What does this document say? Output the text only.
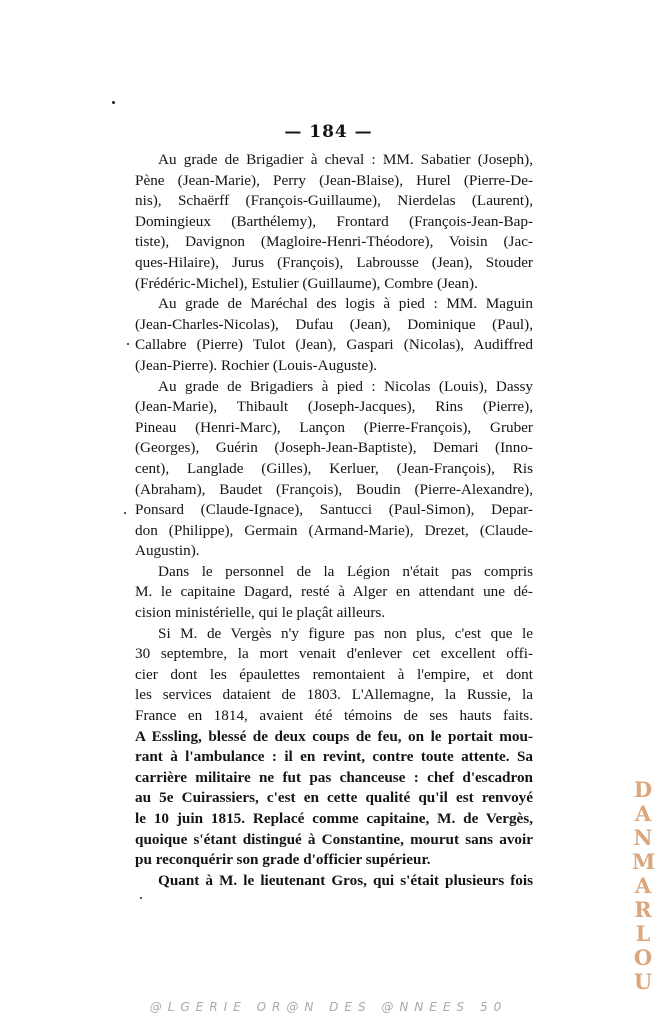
— 184 —
Au grade de Brigadier à cheval : MM. Sabatier (Joseph),
Pène (Jean-Marie), Perry (Jean-Blaise), Hurel (Pierre-De-
nis), Schaërff (François-Guillaume), Nierdelas (Laurent),
Domingieux (Barthélemy), Frontard (François-Jean-Bap-
tiste), Davignon (Magloire-Henri-Théodore), Voisin (Jac-
ques-Hilaire), Jurus (François), Labrousse (Jean), Stouder
(Frédéric-Michel), Estulier (Guillaume), Combre (Jean).
Au grade de Maréchal des logis à pied : MM. Maguin
(Jean-Charles-Nicolas), Dufau (Jean), Dominique (Paul),
Callabre (Pierre) Tulot (Jean), Gaspari (Nicolas), Audiffred
(Jean-Pierre). Rochier (Louis-Auguste).
Au grade de Brigadiers à pied : Nicolas (Louis), Dassy
(Jean-Marie), Thibault (Joseph-Jacques), Rins (Pierre),
Pineau (Henri-Marc), Lançon (Pierre-François), Gruber
(Georges), Guérin (Joseph-Jean-Baptiste), Demari (Inno-
cent), Langlade (Gilles), Kerluer, (Jean-François), Ris
(Abraham), Baudet (François), Boudin (Pierre-Alexandre),
Ponsard (Claude-Ignace), Santucci (Paul-Simon), Depar-
don (Philippe), Germain (Armand-Marie), Drezet, (Claude-
Augustin).
Dans le personnel de la Légion n'était pas compris
M. le capitaine Dagard, resté à Alger en attendant une dé-
cision ministérielle, qui le plaçât ailleurs.
Si M. de Vergès n'y figure pas non plus, c'est que le
30 septembre, la mort venait d'enlever cet excellent offi-
cier dont les épaulettes remontaient à l'empire, et dont
les services dataient de 1803. L'Allemagne, la Russie, la
France en 1814, avaient été témoins de ses hauts faits.
A Essling, blessé de deux coups de feu, on le portait mou-
rant à l'ambulance : il en revint, contre toute attente. Sa
carrière militaire ne fut pas chanceuse : chef d'escadron
au 5e Cuirassiers, c'est en cette qualité qu'il est renvoyé
le 10 juin 1815. Replacé comme capitaine, M. de Vergès,
quoique s'étant distingué à Constantine, mourut sans avoir
pu reconquérir son grade d'officier supérieur.
Quant à M. le lieutenant Gros, qui s'était plusieurs fois
D
A
N
M
A
R
L
O
U
@LGERIE OR@N DES @NNEES 50
